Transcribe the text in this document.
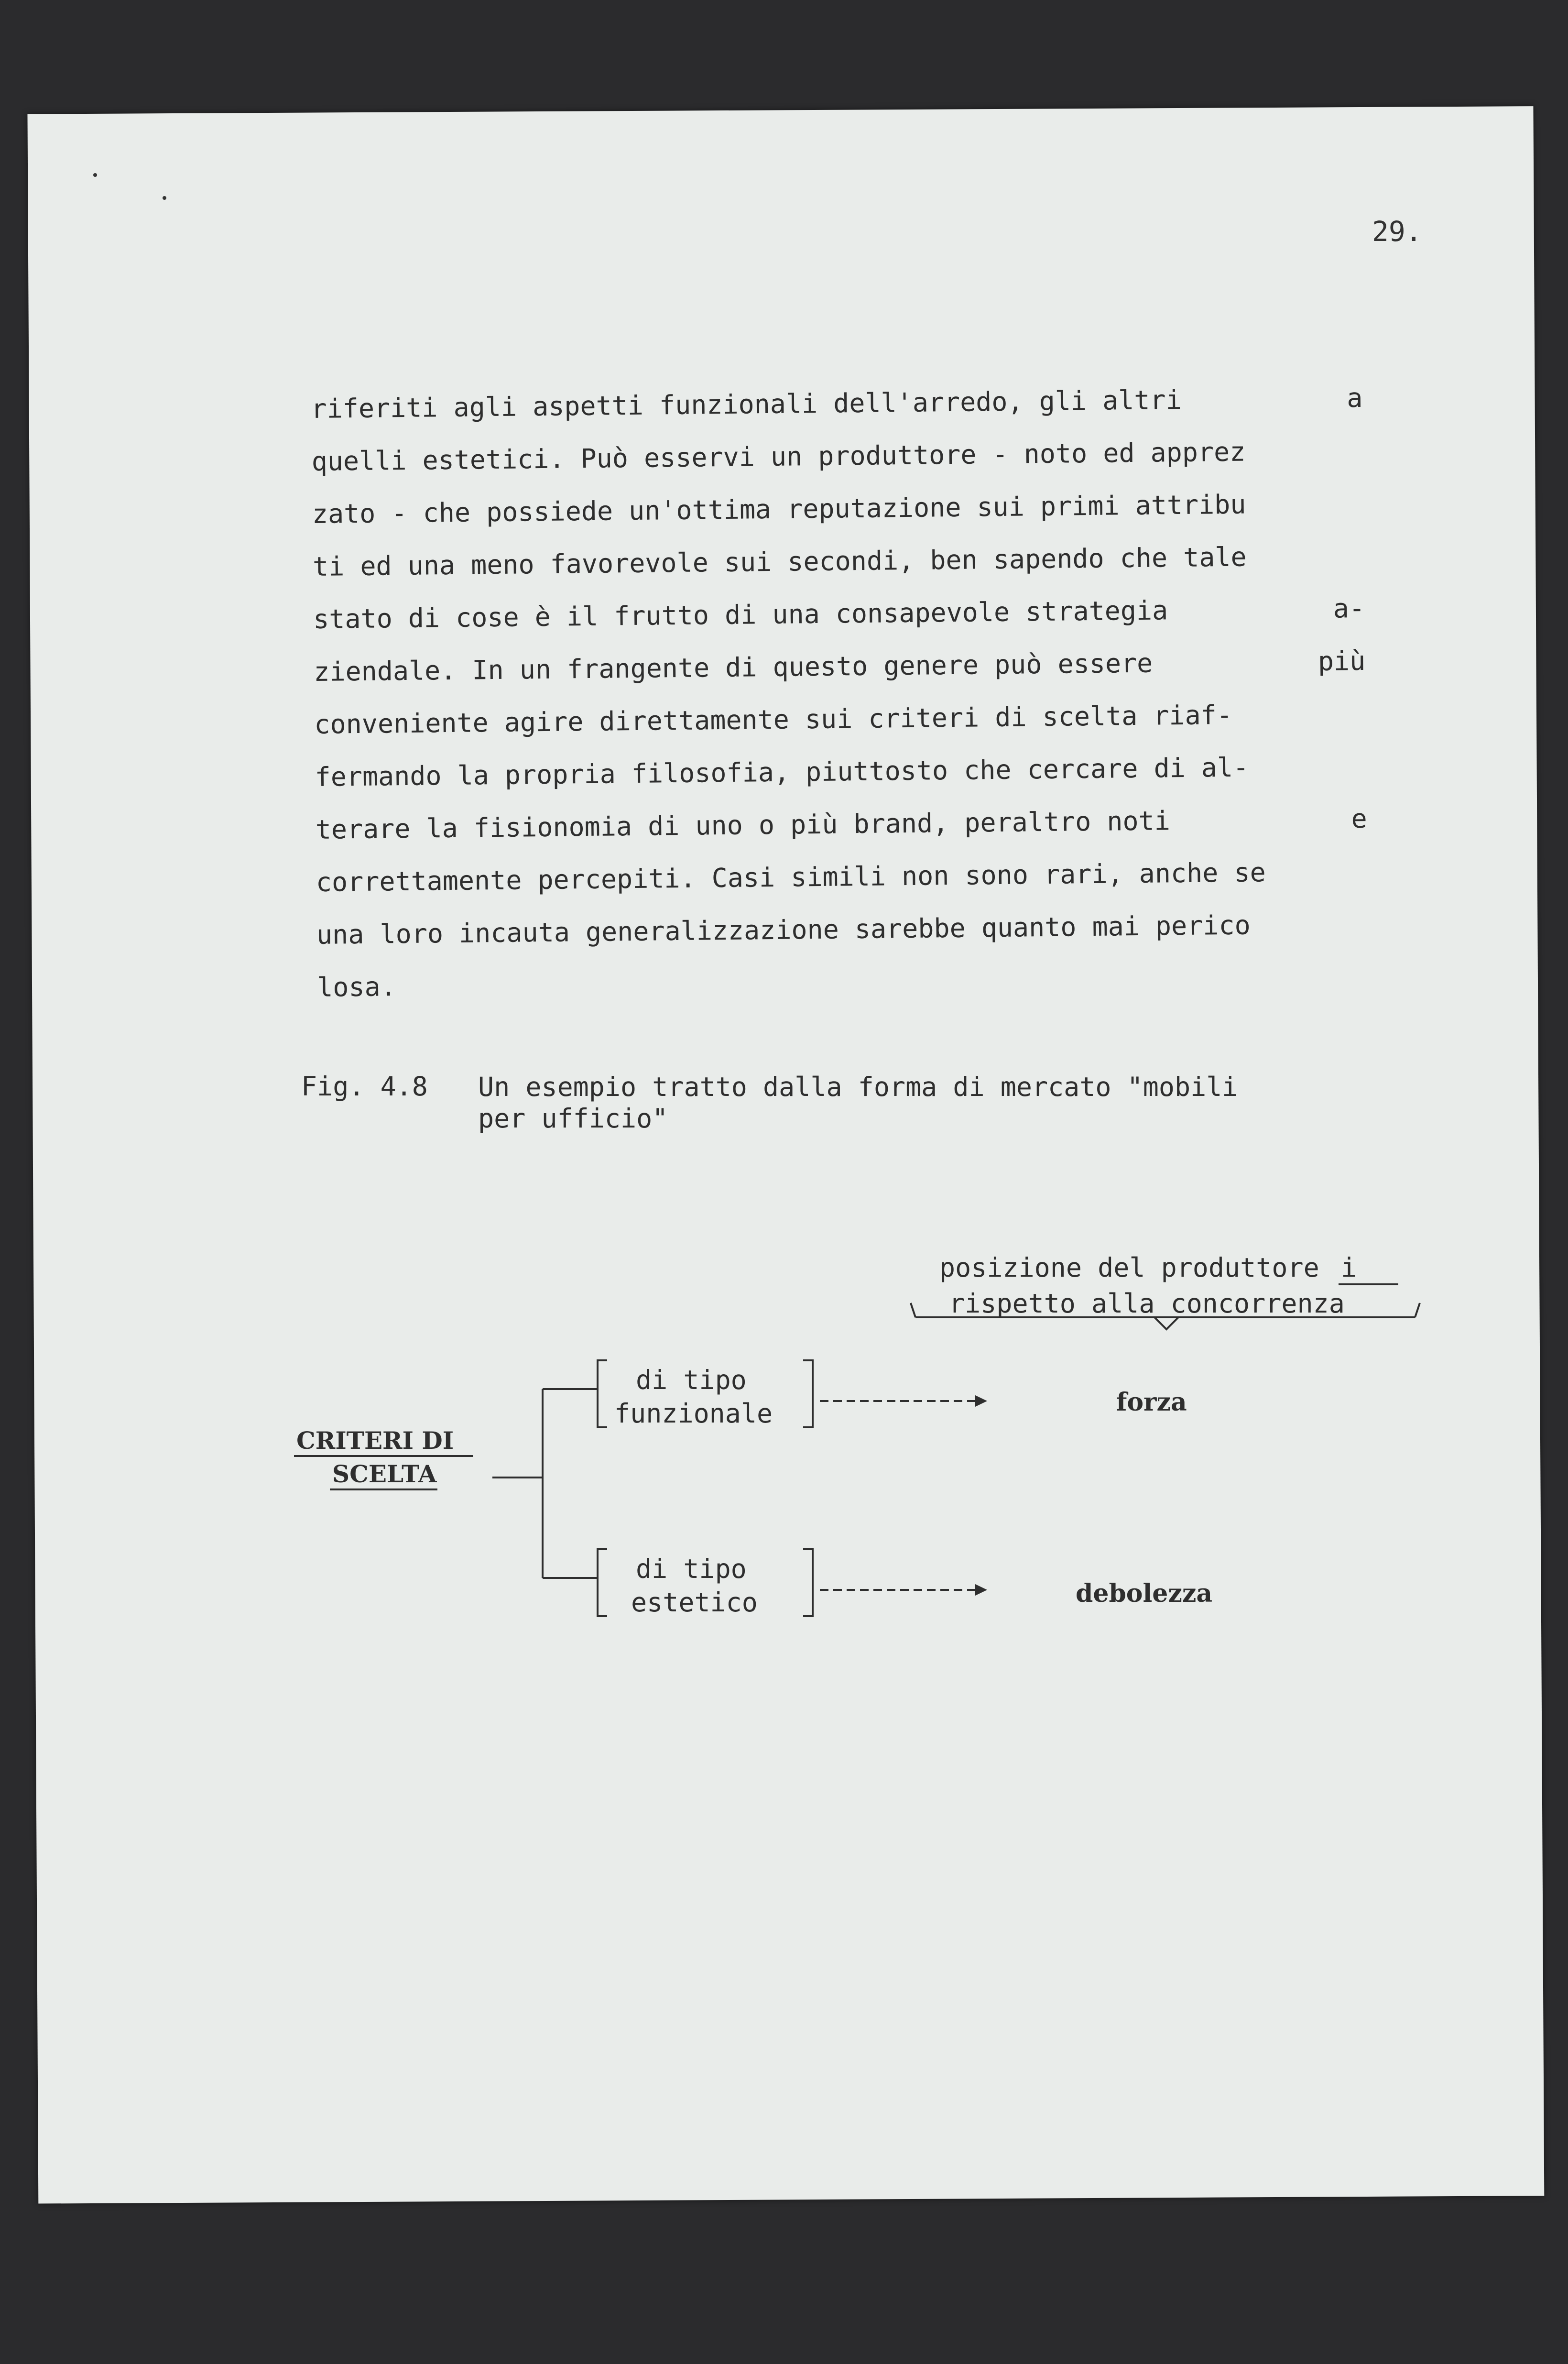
29.
riferiti agli aspetti funzionali dell'arredo, gli altri	a
quelli estetici. Può esservi un produttore - noto ed apprez
zato - che possiede un'ottima reputazione sui primi attribu
ti ed una meno favorevole sui secondi, ben sapendo che tale
stato di cose è il frutto di una consapevole strategia	a-
ziendale. In un frangente di questo genere può essere	più
conveniente agire direttamente sui criteri di scelta riaf-
fermando la propria filosofia, piuttosto che cercare di al-
terare la fisionomia di uno o più brand, peraltro noti	e
correttamente percepiti. Casi simili non sono rari, anche se
una loro incauta generalizzazione sarebbe quanto mai perico
losa.
Fig. 4.8 Un esempio tratto dalla forma di mercato "mobili
per ufficio"
posizione del produttore i
rispetto alla concorrenza
CRITERI DI
SCELTA
di tipo
funzionale
di tipo
estetico
forza
debolezza
